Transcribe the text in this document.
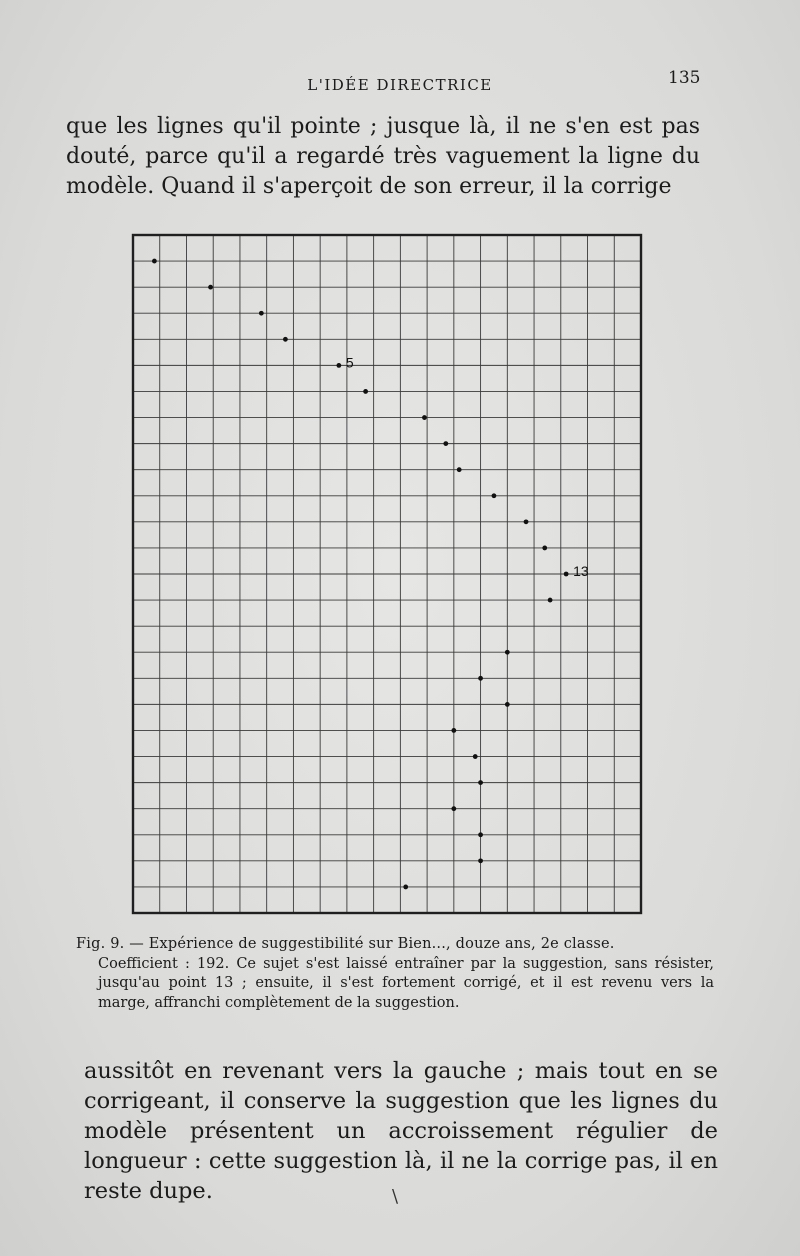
L'IDÉE DIRECTRICE	135

que les lignes qu'il pointe ; jusque là, il ne s'en est pas douté, parce qu'il a regardé très vaguement la ligne du modèle. Quand il s'aperçoit de son erreur, il la corrige

5
13

Fig. 9. — Expérience de suggestibilité sur Bien..., douze ans, 2e classe.
Coefficient : 192. Ce sujet s'est laissé entraîner par la suggestion, sans résister, jusqu'au point 13 ; ensuite, il s'est fortement corrigé, et il est revenu vers la marge, affranchi complètement de la suggestion.

aussitôt en revenant vers la gauche ; mais tout en se corrigeant, il conserve la suggestion que les lignes du modèle présentent un accroissement régulier de longueur : cette suggestion là, il ne la corrige pas, il en reste dupe.	\
